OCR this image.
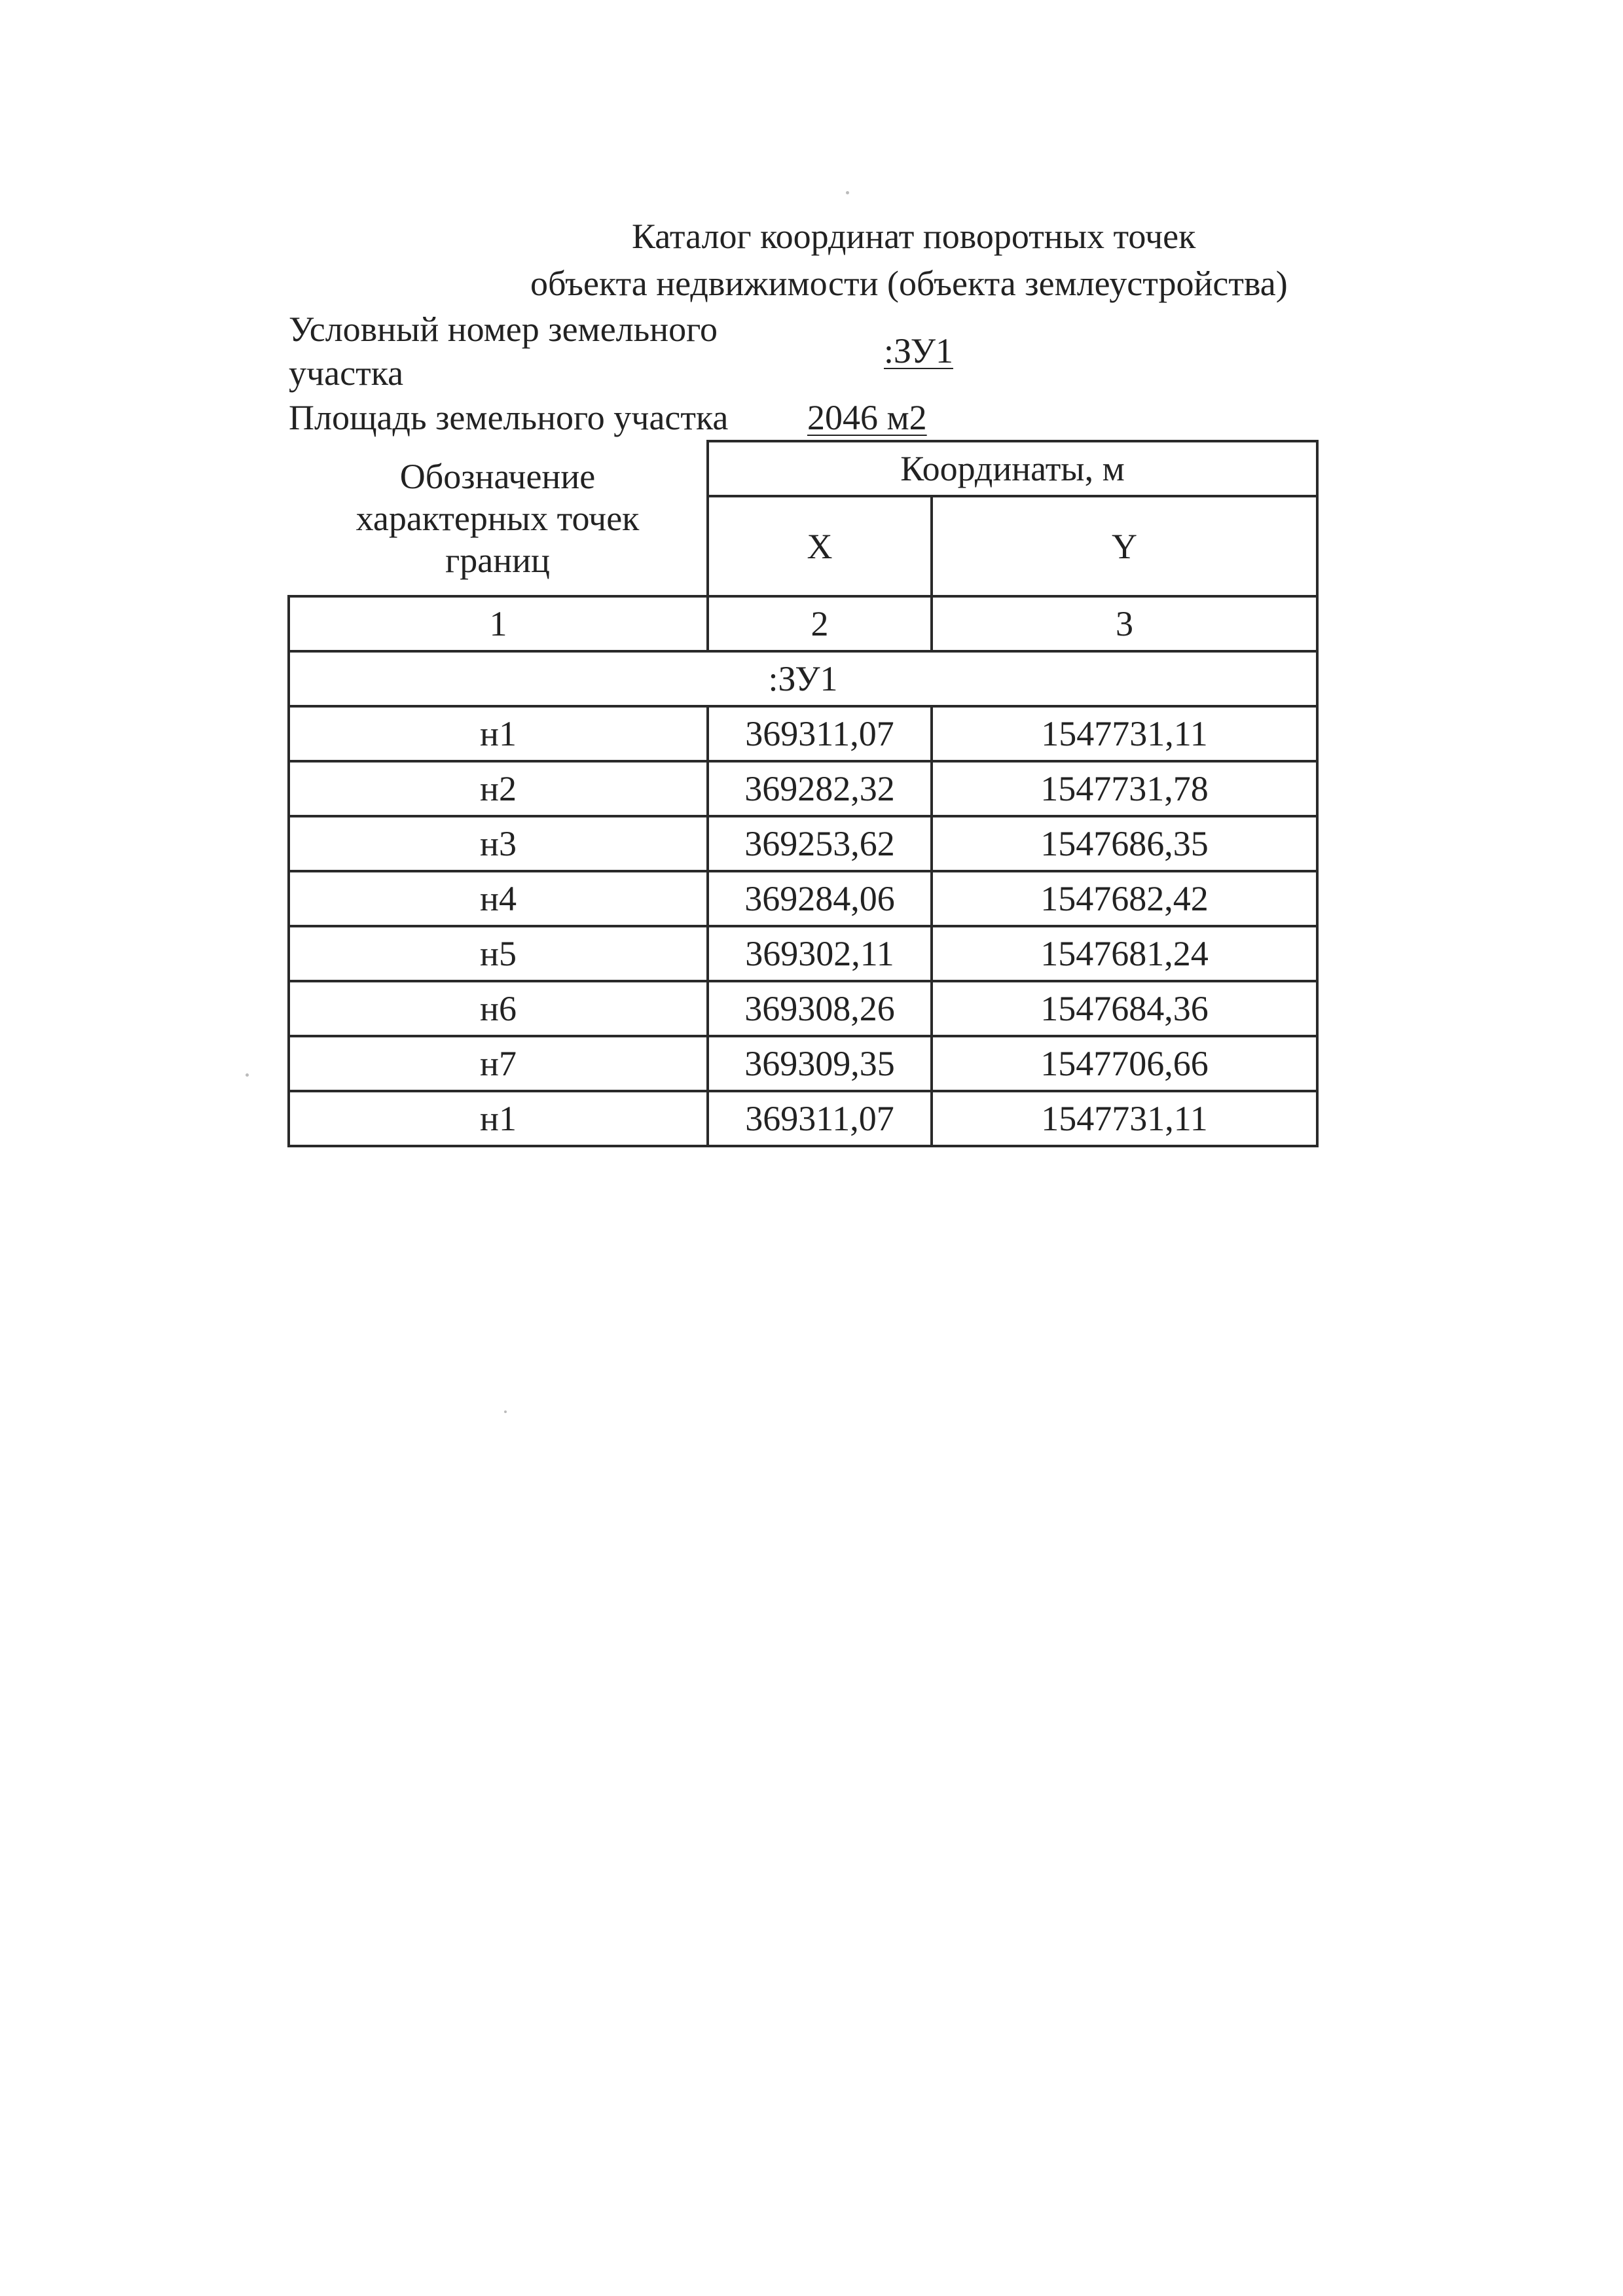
Каталог координат поворотных точек
объекта недвижимости (объекта землеустройства)
Условный номер земельного
участка
:ЗУ1
Площадь земельного участка 2046 м2
Обозначение характерных точек границ	Координаты, м	
	X	Y
1	2	3
:ЗУ1		
н1	369311,07	1547731,11
н2	369282,32	1547731,78
н3	369253,62	1547686,35
н4	369284,06	1547682,42
н5	369302,11	1547681,24
н6	369308,26	1547684,36
н7	369309,35	1547706,66
н1	369311,07	1547731,11
